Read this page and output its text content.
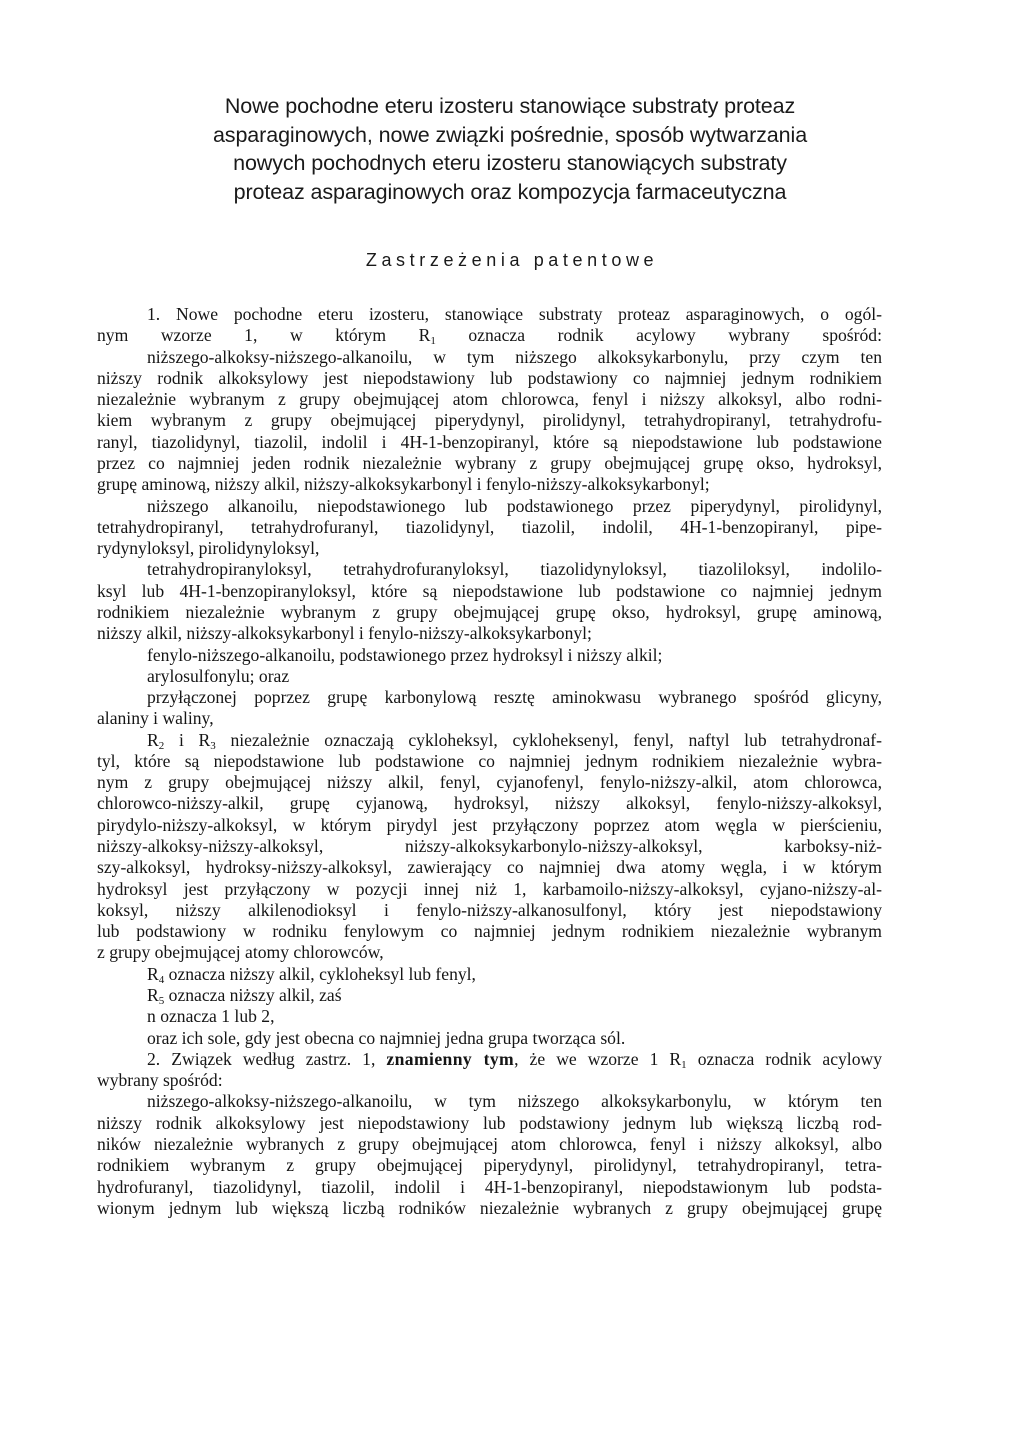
Nowe pochodne eteru izosteru stanowiące substraty proteaz
asparaginowych, nowe związki pośrednie, sposób wytwarzania
nowych pochodnych eteru izosteru stanowiących substraty
proteaz asparaginowych oraz kompozycja farmaceutyczna
Zastrzeżenia patentowe
1. Nowe pochodne eteru izosteru, stanowiące substraty proteaz asparaginowych, o ogól-
nym wzorze 1, w którym $R_1$ oznacza rodnik acylowy wybrany spośród:
niższego-alkoksy-niższego-alkanoilu, w tym niższego alkoksykarbonylu, przy czym ten
niższy rodnik alkoksylowy jest niepodstawiony lub podstawiony co najmniej jednym rodnikiem
niezależnie wybranym z grupy obejmującej atom chlorowca, fenyl i niższy alkoksyl, albo rodni-
kiem wybranym z grupy obejmującej piperydynyl, pirolidynyl, tetrahydropiranyl, tetrahydrofu-
ranyl, tiazolidynyl, tiazolil, indolil i 4H-1-benzopiranyl, które są niepodstawione lub podstawione
przez co najmniej jeden rodnik niezależnie wybrany z grupy obejmującej grupę okso, hydroksyl,
grupę aminową, niższy alkil, niższy-alkoksykarbonyl i fenylo-niższy-alkoksykarbonyl;
niższego alkanoilu, niepodstawionego lub podstawionego przez piperydynyl, pirolidynyl,
tetrahydropiranyl, tetrahydrofuranyl, tiazolidynyl, tiazolil, indolil, 4H-1-benzopiranyl, pipe-
rydynyloksyl, pirolidynyloksyl,
tetrahydropiranyloksyl, tetrahydrofuranyloksyl, tiazolidynyloksyl, tiazoliloksyl, indolilo-
ksyl lub 4H-1-benzopiranyloksyl, które są niepodstawione lub podstawione co najmniej jednym
rodnikiem niezależnie wybranym z grupy obejmującej grupę okso, hydroksyl, grupę aminową,
niższy alkil, niższy-alkoksykarbonyl i fenylo-niższy-alkoksykarbonyl;
fenylo-niższego-alkanoilu, podstawionego przez hydroksyl i niższy alkil;
arylosulfonylu; oraz
przyłączonej poprzez grupę karbonylową resztę aminokwasu wybranego spośród glicyny,
alaniny i waliny,
$R_2$ i $R_3$ niezależnie oznaczają cykloheksyl, cykloheksenyl, fenyl, naftyl lub tetrahydronaf-
tyl, które są niepodstawione lub podstawione co najmniej jednym rodnikiem niezależnie wybra-
nym z grupy obejmującej niższy alkil, fenyl, cyjanofenyl, fenylo-niższy-alkil, atom chlorowca,
chlorowco-niższy-alkil, grupę cyjanową, hydroksyl, niższy alkoksyl, fenylo-niższy-alkoksyl,
pirydylo-niższy-alkoksyl, w którym pirydyl jest przyłączony poprzez atom węgla w pierścieniu,
niższy-alkoksy-niższy-alkoksyl, niższy-alkoksykarbonylo-niższy-alkoksyl, karboksy-niż-
szy-alkoksyl, hydroksy-niższy-alkoksyl, zawierający co najmniej dwa atomy węgla, i w którym
hydroksyl jest przyłączony w pozycji innej niż 1, karbamoilo-niższy-alkoksyl, cyjano-niższy-al-
koksyl, niższy alkilenodioksyl i fenylo-niższy-alkanosulfonyl, który jest niepodstawiony
lub podstawiony w rodniku fenylowym co najmniej jednym rodnikiem niezależnie wybranym
z grupy obejmującej atomy chlorowców,
$R_4$ oznacza niższy alkil, cykloheksyl lub fenyl,
$R_5$ oznacza niższy alkil, zaś
n oznacza 1 lub 2,
oraz ich sole, gdy jest obecna co najmniej jedna grupa tworząca sól.
2. Związek według zastrz. 1, znamienny tym, że we wzorze 1 $R_1$ oznacza rodnik acylowy
wybrany spośród:
niższego-alkoksy-niższego-alkanoilu, w tym niższego alkoksykarbonylu, w którym ten
niższy rodnik alkoksylowy jest niepodstawiony lub podstawiony jednym lub większą liczbą rod-
ników niezależnie wybranych z grupy obejmującej atom chlorowca, fenyl i niższy alkoksyl, albo
rodnikiem wybranym z grupy obejmującej piperydynyl, pirolidynyl, tetrahydropiranyl, tetra-
hydrofuranyl, tiazolidynyl, tiazolil, indolil i 4H-1-benzopiranyl, niepodstawionym lub podsta-
wionym jednym lub większą liczbą rodników niezależnie wybranych z grupy obejmującej grupę
